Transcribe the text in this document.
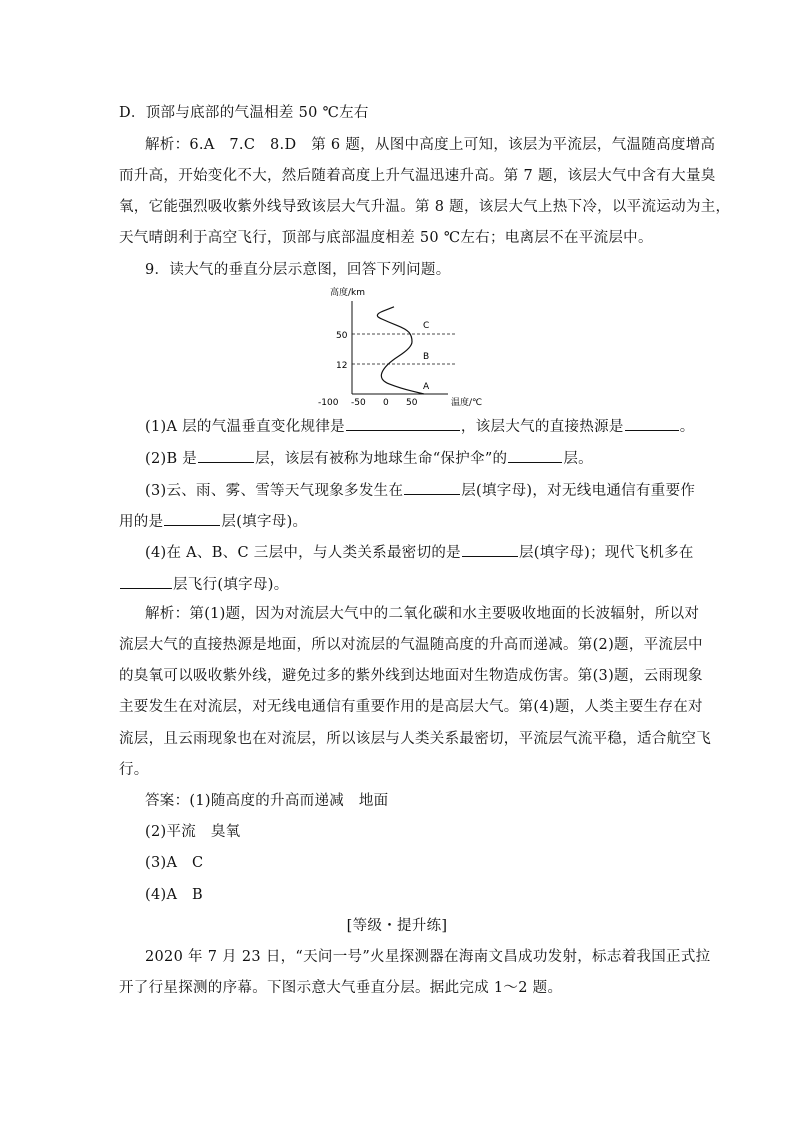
D．顶部与底部的气温相差 50 ℃左右
解析：6.A　7.C　8.D　第 6 题，从图中高度上可知，该层为平流层，气温随高度增高
而升高，开始变化不大，然后随着高度上升气温迅速升高。第 7 题，该层大气中含有大量臭
氧，它能强烈吸收紫外线导致该层大气升温。第 8 题，该层大气上热下冷，以平流运动为主，
天气晴朗利于高空飞行，顶部与底部温度相差 50 ℃左右；电离层不在平流层中。
9．读大气的垂直分层示意图，回答下列问题。
高度/km
50
12
-100 -50 0 50	温度/℃
C
B
A
(1)A 层的气温垂直变化规律是	，该层大气的直接热源是	。
(2)B 是	层，该层有被称为地球生命“保护伞”的	层。
(3)云、雨、雾、雪等天气现象多发生在	层(填字母)，对无线电通信有重要作
用的是	层(填字母)。
(4)在 A、B、C 三层中，与人类关系最密切的是	层(填字母)；现代飞机多在
层飞行(填字母)。
解析：第(1)题，因为对流层大气中的二氧化碳和水主要吸收地面的长波辐射，所以对
流层大气的直接热源是地面，所以对流层的气温随高度的升高而递减。第(2)题，平流层中
的臭氧可以吸收紫外线，避免过多的紫外线到达地面对生物造成伤害。第(3)题，云雨现象
主要发生在对流层，对无线电通信有重要作用的是高层大气。第(4)题，人类主要生存在对
流层，且云雨现象也在对流层，所以该层与人类关系最密切，平流层气流平稳，适合航空飞
行。
答案：(1)随高度的升高而递减　地面
(2)平流　臭氧
(3)A　C
(4)A　B
[等级・提升练]
2020 年 7 月 23 日，“天问一号”火星探测器在海南文昌成功发射，标志着我国正式拉
开了行星探测的序幕。下图示意大气垂直分层。据此完成 1～2 题。
